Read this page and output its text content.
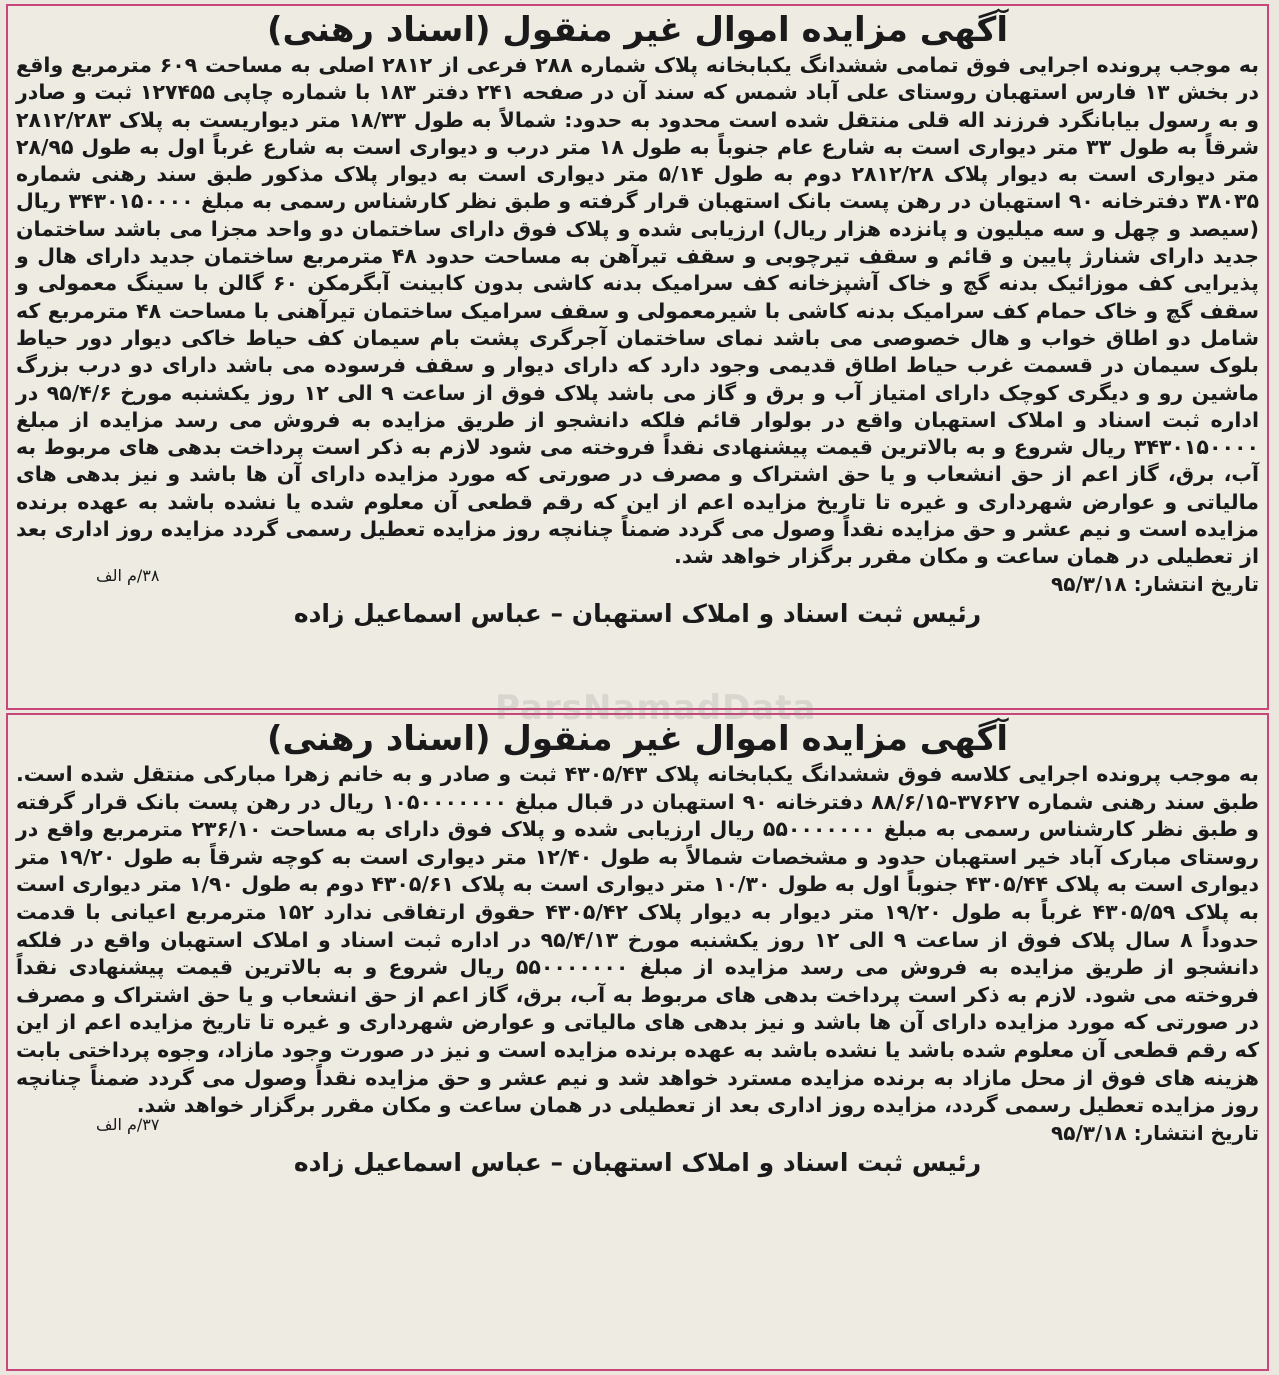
آگهی مزایده اموال غیر منقول (اسناد رهنی)

به موجب پرونده اجرایی فوق تمامی ششدانگ یکبابخانه پلاک شماره ۲۸۸ فرعی از ۲۸۱۲ اصلی به مساحت ۶۰۹ مترمربع واقع در بخش ۱۳ فارس استهبان روستای علی آباد شمس که سند آن در صفحه ۲۴۱ دفتر ۱۸۳ با شماره چاپی ۱۲۷۴۵۵ ثبت و صادر و به رسول بیابانگرد فرزند اله قلی منتقل شده است محدود به حدود: شمالاً به طول ۱۸/۳۳ متر دیواریست به پلاک ۲۸۱۲/۲۸۳ شرقاً به طول ۳۳ متر دیواری است به شارع عام جنوباً به طول ۱۸ متر درب و دیواری است به شارع غرباً اول به طول ۲۸/۹۵ متر دیواری است به دیوار پلاک ۲۸۱۲/۲۸ دوم به طول ۵/۱۴ متر دیواری است به دیوار پلاک مذکور طبق سند رهنی شماره ۳۸۰۳۵ دفترخانه ۹۰ استهبان در رهن پست بانک استهبان قرار گرفته و طبق نظر کارشناس رسمی به مبلغ ۳۴۳۰۱۵۰۰۰۰ ریال (سیصد و چهل و سه میلیون و پانزده هزار ریال) ارزیابی شده و پلاک فوق دارای ساختمان دو واحد مجزا می باشد ساختمان جدید دارای شنارژ پایین و قائم و سقف تیرچوبی و سقف تیرآهن به مساحت حدود ۴۸ مترمربع ساختمان جدید دارای هال و پذیرایی کف موزائیک بدنه گچ و خاک آشپزخانه کف سرامیک بدنه کاشی بدون کابینت آبگرمکن ۶۰ گالن با سینگ معمولی و سقف گچ و خاک حمام کف سرامیک بدنه کاشی با شیرمعمولی و سقف سرامیک ساختمان تیرآهنی با مساحت ۴۸ مترمربع که شامل دو اطاق خواب و هال خصوصی می باشد نمای ساختمان آجرگری پشت بام سیمان کف حیاط خاکی دیوار دور حیاط بلوک سیمان در قسمت غرب حیاط اطاق قدیمی وجود دارد که دارای دیوار و سقف فرسوده می باشد دارای دو درب بزرگ ماشین رو و دیگری کوچک دارای امتیاز آب و برق و گاز می باشد پلاک فوق از ساعت ۹ الی ۱۲ روز یکشنبه مورخ ۹۵/۴/۶ در اداره ثبت اسناد و املاک استهبان واقع در بولوار قائم فلکه دانشجو از طریق مزایده به فروش می رسد مزایده از مبلغ ۳۴۳۰۱۵۰۰۰۰ ریال شروع و به بالاترین قیمت پیشنهادی نقداً فروخته می شود لازم به ذکر است پرداخت بدهی های مربوط به آب، برق، گاز اعم از حق انشعاب و یا حق اشتراک و مصرف در صورتی که مورد مزایده دارای آن ها باشد و نیز بدهی های مالیاتی و عوارض شهرداری و غیره تا تاریخ مزایده اعم از این که رقم قطعی آن معلوم شده یا نشده باشد به عهده برنده مزایده است و نیم عشر و حق مزایده نقداً وصول می گردد ضمناً چنانچه روز مزایده تعطیل رسمی گردد مزایده روز اداری بعد از تعطیلی در همان ساعت و مکان مقرر برگزار خواهد شد.

تاریخ انتشار: ۹۵/۳/۱۸
۳۸/م الف
رئیس ثبت اسناد و املاک استهبان – عباس اسماعیل زاده
آگهی مزایده اموال غیر منقول (اسناد رهنی)

به موجب پرونده اجرایی کلاسه فوق ششدانگ یکبابخانه پلاک ۴۳۰۵/۴۳ ثبت و صادر و به خانم زهرا مبارکی منتقل شده است. طبق سند رهنی شماره ۳۷۶۲۷-۸۸/۶/۱۵ دفترخانه ۹۰ استهبان در قبال مبلغ ۱۰۵۰۰۰۰۰۰۰ ریال در رهن پست بانک قرار گرفته و طبق نظر کارشناس رسمی به مبلغ ۵۵۰۰۰۰۰۰۰ ریال ارزیابی شده و پلاک فوق دارای به مساحت ۲۳۶/۱۰ مترمربع واقع در روستای مبارک آباد خیر استهبان حدود و مشخصات شمالاً به طول ۱۲/۴۰ متر دیواری است به کوچه شرقاً به طول ۱۹/۲۰ متر دیواری است به پلاک ۴۳۰۵/۴۴ جنوباً اول به طول ۱۰/۳۰ متر دیواری است به پلاک ۴۳۰۵/۶۱ دوم به طول ۱/۹۰ متر دیواری است به پلاک ۴۳۰۵/۵۹ غرباً به طول ۱۹/۲۰ متر دیوار به دیوار پلاک ۴۳۰۵/۴۲ حقوق ارتفاقی ندارد ۱۵۲ مترمربع اعیانی با قدمت حدوداً ۸ سال پلاک فوق از ساعت ۹ الی ۱۲ روز یکشنبه مورخ ۹۵/۴/۱۳ در اداره ثبت اسناد و املاک استهبان واقع در فلکه دانشجو از طریق مزایده به فروش می رسد مزایده از مبلغ ۵۵۰۰۰۰۰۰۰ ریال شروع و به بالاترین قیمت پیشنهادی نقداً فروخته می شود. لازم به ذکر است پرداخت بدهی های مربوط به آب، برق، گاز اعم از حق انشعاب و یا حق اشتراک و مصرف در صورتی که مورد مزایده دارای آن ها باشد و نیز بدهی های مالیاتی و عوارض شهرداری و غیره تا تاریخ مزایده اعم از این که رقم قطعی آن معلوم شده باشد یا نشده باشد به عهده برنده مزایده است و نیز در صورت وجود مازاد، وجوه پرداختی بابت هزینه های فوق از محل مازاد به برنده مزایده مسترد خواهد شد و نیم عشر و حق مزایده نقداً وصول می گردد ضمناً چنانچه روز مزایده تعطیل رسمی گردد، مزایده روز اداری بعد از تعطیلی در همان ساعت و مکان مقرر برگزار خواهد شد.

تاریخ انتشار: ۹۵/۳/۱۸
۳۷/م الف
رئیس ثبت اسناد و املاک استهبان – عباس اسماعیل زاده
ParsNamadData
